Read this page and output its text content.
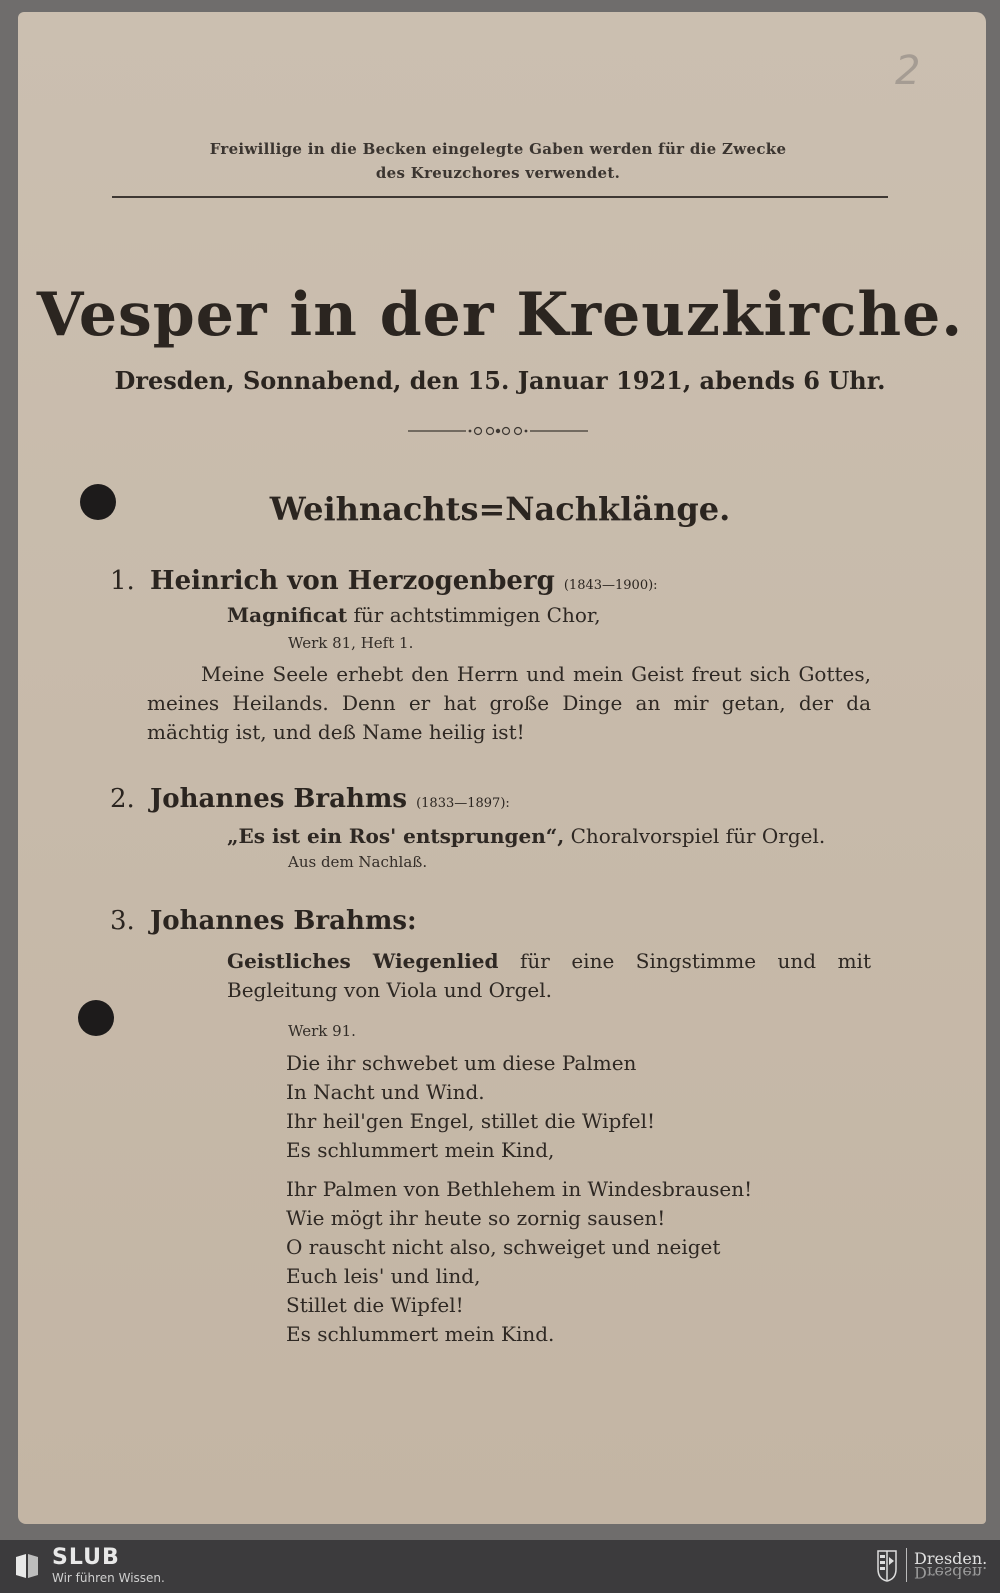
2
Freiwillige in die Becken eingelegte Gaben werden für die Zwecke
des Kreuzchores verwendet.
Vesper in der Kreuzkirche.
Dresden, Sonnabend, den 15. Januar 1921, abends 6 Uhr.
Weihnachts=Nachklänge.
1. Heinrich von Herzogenberg (1843—1900):
Magnificat für achtstimmigen Chor,
Werk 81, Heft 1.
Meine Seele erhebt den Herrn und mein Geist freut sich Gottes, meines Heilands. Denn er hat große Dinge an mir getan, der da mächtig ist, und deß Name heilig ist!
2. Johannes Brahms (1833—1897):
„Es ist ein Ros' entsprungen“, Choralvorspiel für Orgel.
Aus dem Nachlaß.
3. Johannes Brahms:
Geistliches Wiegenlied für eine Singstimme und mit Begleitung von Viola und Orgel.
Werk 91.
Die ihr schwebet um diese Palmen
In Nacht und Wind.
Ihr heil'gen Engel, stillet die Wipfel!
Es schlummert mein Kind,
Ihr Palmen von Bethlehem in Windesbrausen!
Wie mögt ihr heute so zornig sausen!
O rauscht nicht also, schweiget und neiget
Euch leis' und lind,
Stillet die Wipfel!
Es schlummert mein Kind.
SLUB
Wir führen Wissen.
Dresden.
Dresden.
